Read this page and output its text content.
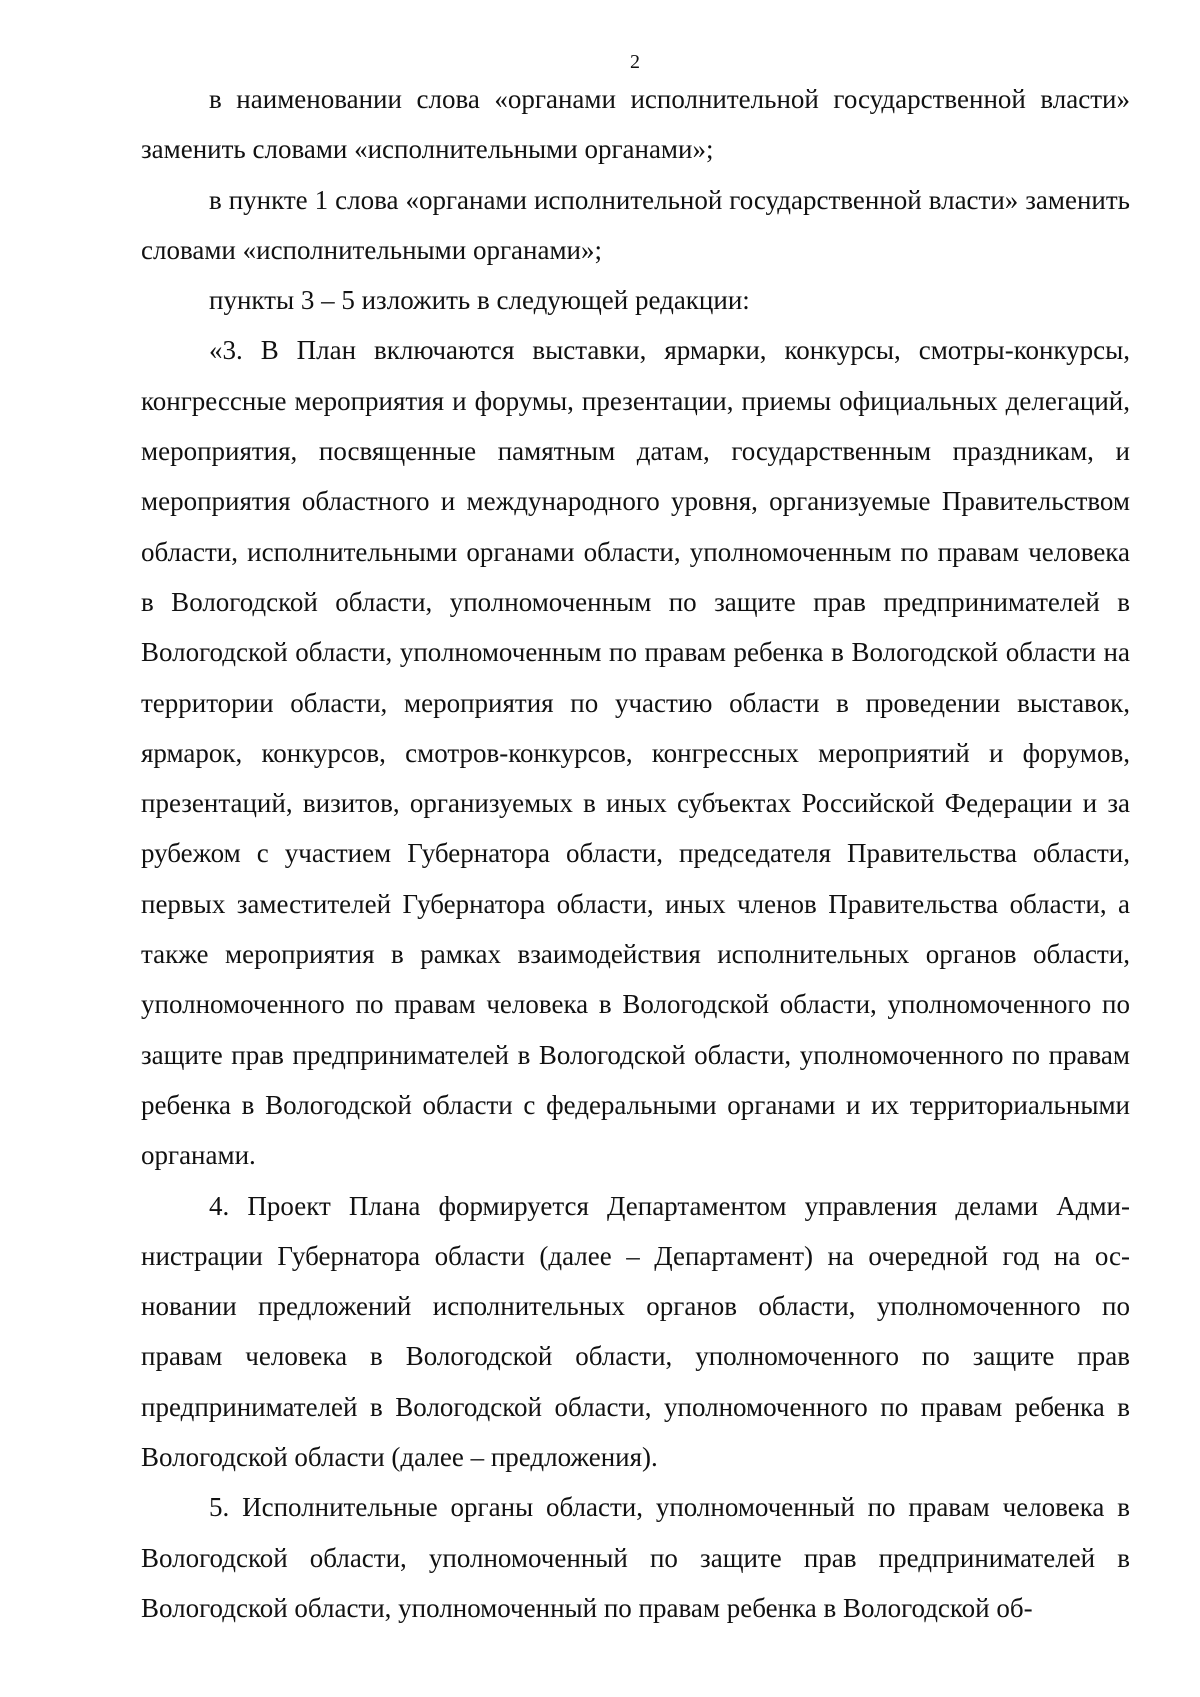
2

в наименовании слова «органами исполнительной государственной власти» заменить словами «исполнительными органами»;

в пункте 1 слова «органами исполнительной государственной власти» заменить словами «исполнительными органами»;

пункты 3 – 5 изложить в следующей редакции:

«3. В План включаются выставки, ярмарки, конкурсы, смотры-конкурсы, конгрессные мероприятия и форумы, презентации, приемы официальных делегаций, мероприятия, посвященные памятным датам, государственным праздникам, и мероприятия областного и международного уровня, организуемые Правительством области, исполнительными органами области, уполномоченным по правам человека в Вологодской области, уполномоченным по защите прав предпринимателей в Вологодской области, уполномоченным по правам ребенка в Вологодской области на территории области, мероприятия по участию области в проведении выставок, ярмарок, конкурсов, смотров-конкурсов, конгрессных мероприятий и форумов, презентаций, визитов, организуемых в иных субъектах Российской Федерации и за рубежом с участием Губернатора области, председателя Правительства области, первых заместителей Губернатора области, иных членов Правительства области, а также мероприятия в рамках взаимодействия исполнительных органов области, уполномоченного по правам человека в Вологодской области, уполномоченного по защите прав предпринимателей в Вологодской области, уполномоченного по правам ребенка в Вологодской области с федеральными органами и их территориальными органами.

4. Проект Плана формируется Департаментом управления делами Администрации Губернатора области (далее – Департамент) на очередной год на основании предложений исполнительных органов области, уполномоченного по правам человека в Вологодской области, уполномоченного по защите прав предпринимателей в Вологодской области, уполномоченного по правам ребенка в Вологодской области (далее – предложения).

5. Исполнительные органы области, уполномоченный по правам человека в Вологодской области, уполномоченный по защите прав предпринимателей в Вологодской области, уполномоченный по правам ребенка в Вологодской об-
